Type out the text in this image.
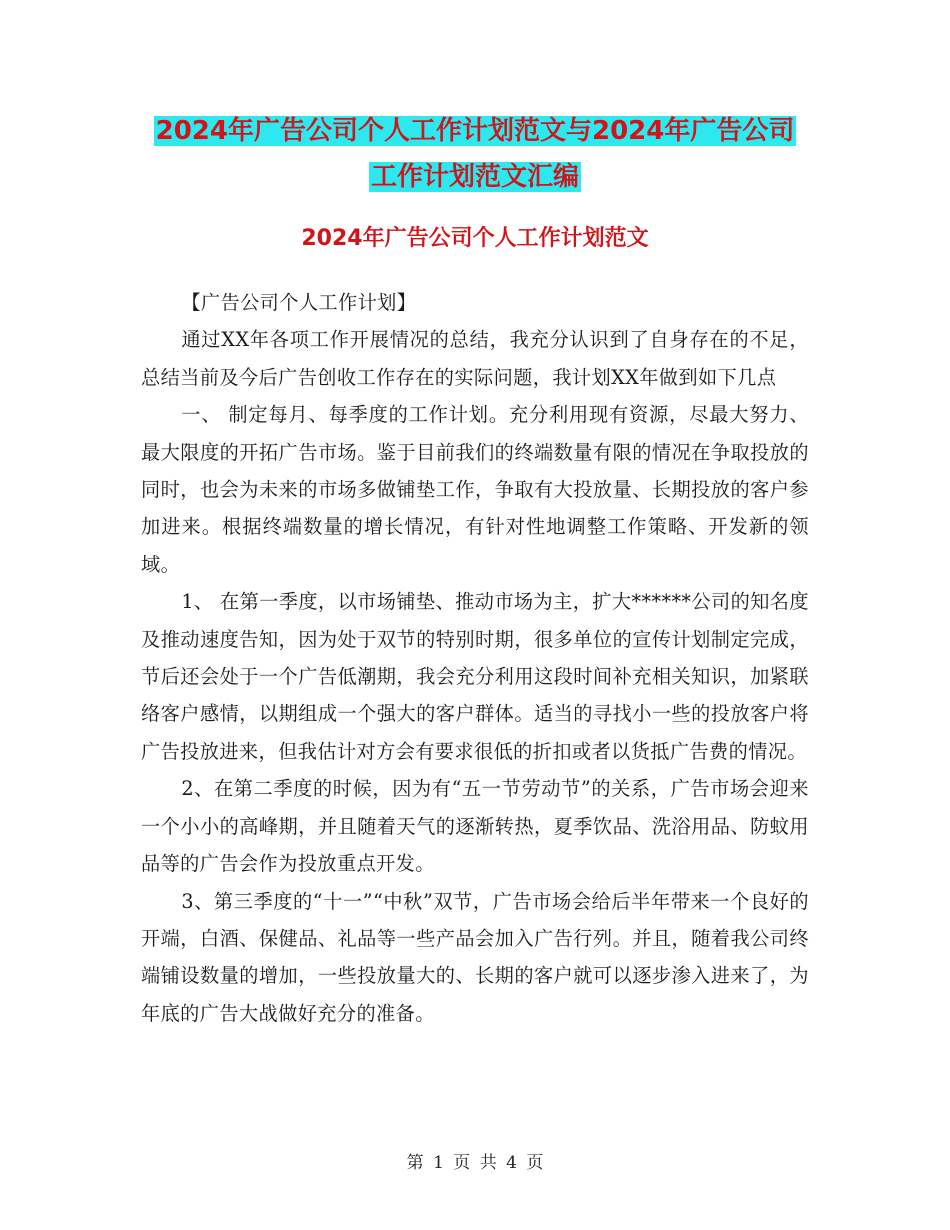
2024年广告公司个人工作计划范文与2024年广告公司
工作计划范文汇编
2024年广告公司个人工作计划范文

【广告公司个人工作计划】

通过XX年各项工作开展情况的总结，我充分认识到了自身存在的不足，总结当前及今后广告创收工作存在的实际问题，我计划XX年做到如下几点

一、 制定每月、每季度的工作计划。充分利用现有资源，尽最大努力、最大限度的开拓广告市场。鉴于目前我们的终端数量有限的情况在争取投放的同时，也会为未来的市场多做铺垫工作，争取有大投放量、长期投放的客户参加进来。根据终端数量的增长情况，有针对性地调整工作策略、开发新的领域。

1、 在第一季度，以市场铺垫、推动市场为主，扩大******公司的知名度及推动速度告知，因为处于双节的特别时期，很多单位的宣传计划制定完成，节后还会处于一个广告低潮期，我会充分利用这段时间补充相关知识，加紧联络客户感情，以期组成一个强大的客户群体。适当的寻找小一些的投放客户将广告投放进来，但我估计对方会有要求很低的折扣或者以货抵广告费的情况。

2、在第二季度的时候，因为有“五一节劳动节”的关系，广告市场会迎来一个小小的高峰期，并且随着天气的逐渐转热，夏季饮品、洗浴用品、防蚊用品等的广告会作为投放重点开发。

3、第三季度的“十一”“中秋”双节，广告市场会给后半年带来一个良好的开端，白酒、保健品、礼品等一些产品会加入广告行列。并且，随着我公司终端铺设数量的增加，一些投放量大的、长期的客户就可以逐步渗入进来了，为年底的广告大战做好充分的准备。

第 1 页 共 4 页
